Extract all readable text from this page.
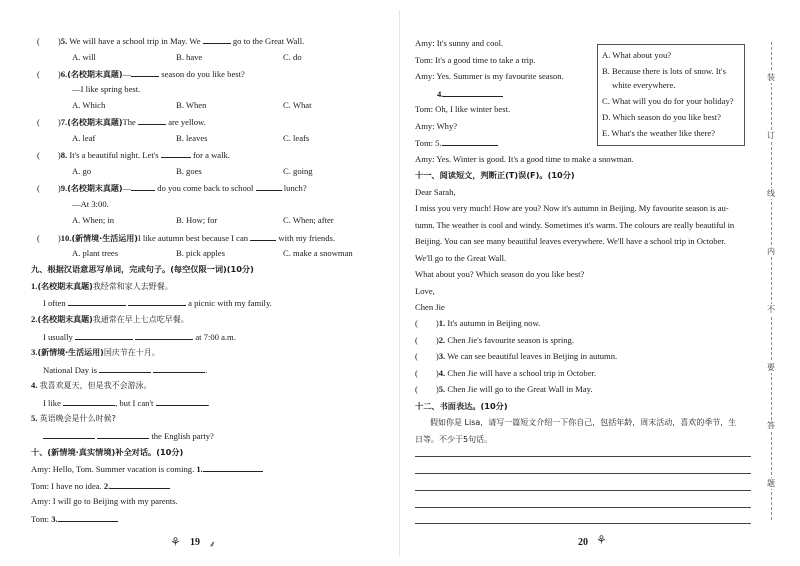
( )5. We will have a school trip in May. We	go to the Great Wall.
A. will	B. have	C. do
( )6.(名校期末真题)—	season do you like best?
—I like spring best.
A. Which	B. When	C. What
( )7.(名校期末真题)The	are yellow.
A. leaf	B. leaves	C. leafs
( )8. It's a beautiful night. Let's	for a walk.
A. go	B. goes	C. going
( )9.(名校期末真题)—	do you come back to school	lunch?
—At 3:00.
A. When; in	B. How; for	C. When; after
( )10.(新情境·生活运用)I like autumn best because I can	with my friends.
A. plant trees	B. pick apples	C. make a snowman
九、根据汉语意思写单词，完成句子。(每空仅限一词)(10分)
1.(名校期末真题)我经常和家人去野餐。
I often	a picnic with my family.
2.(名校期末真题)我通常在早上七点吃早餐。
I usually	at 7:00 a.m.
3.(新情境·生活运用)国庆节在十月。
National Day is	.
4. 我喜欢夏天，但是我不会游泳。
I like	, but I can't	.
5. 英语晚会是什么时候?
the English party?
十、(新情境·真实情境)补全对话。(10分)
Amy: Hello, Tom. Summer vacation is coming. 1.
Tom: I have no idea. 2.
Amy: I will go to Beijing with my parents.
Tom: 3.
⚘ 19 ⸙
Amy: It's sunny and cool.
Tom: It's a good time to take a trip.
Amy: Yes. Summer is my favourite season.
4.
Tom: Oh, I like winter best.
Amy: Why?
Tom: 5.
Amy: Yes. Winter is good. It's a good time to make a snowman.
A. What about you?
B. Because there is lots of snow. It's
white everywhere.
C. What will you do for your holiday?
D. Which season do you like best?
E. What's the weather like there?
十一、阅读短文，判断正(T)误(F)。(10分)
Dear Sarah,
I miss you very much! How are you? Now it's autumn in Beijing. My favourite season is au-
tumn. The weather is cool and windy. Sometimes it's warm. The colours are really beautiful in
Beijing. You can see many beautiful leaves everywhere. We'll have a school trip in October.
We'll go to the Great Wall.
What about you? Which season do you like best?
Love,
Chen Jie
( )1. It's autumn in Beijing now.
( )2. Chen Jie's favourite season is spring.
( )3. We can see beautiful leaves in Beijing in autumn.
( )4. Chen Jie will have a school trip in October.
( )5. Chen Jie will go to the Great Wall in May.
十二、书面表达。(10分)
假如你是 Lisa，请写一篇短文介绍一下你自己，包括年龄，周末活动，喜欢的季节，生
日等。不少于5句话。
20 ⚘
装
订
线
内
不
要
答
题
